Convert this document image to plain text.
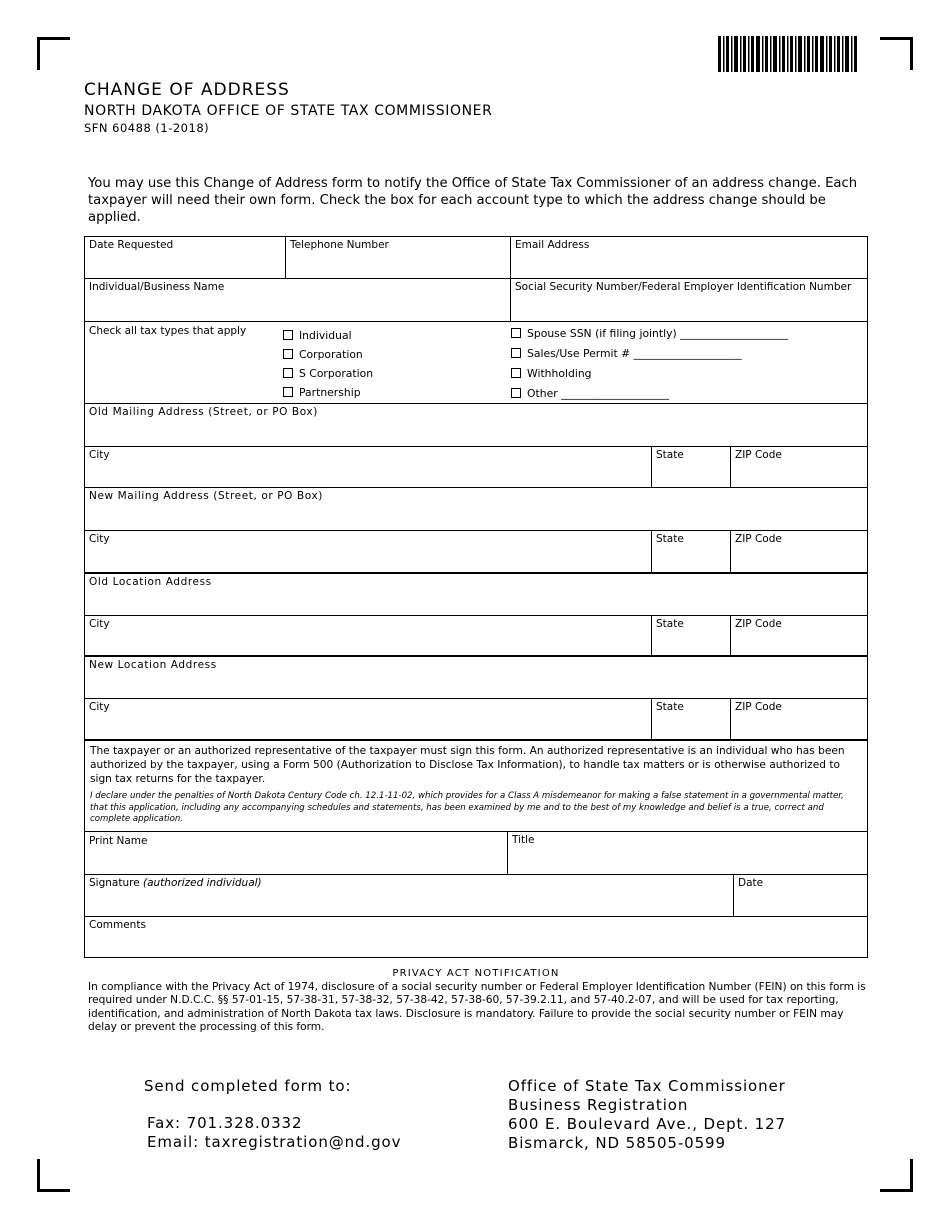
CHANGE OF ADDRESS
NORTH DAKOTA OFFICE OF STATE TAX COMMISSIONER
SFN 60488 (1-2018)
You may use this Change of Address form to notify the Office of State Tax Commissioner of an address change. Each taxpayer will need their own form. Check the box for each account type to which the address change should be applied.
Date Requested	Telephone Number	Email Address
Individual/Business Name	Social Security Number/Federal Employer Identification Number
Check all tax types that apply	Individual
Corporation
S Corporation
Partnership
Spouse SSN (if filing jointly) ____________________
Sales/Use Permit # ____________________
Withholding
Other ____________________
Old Mailing Address (Street, or PO Box)
City	State	ZIP Code
New Mailing Address (Street, or PO Box)
City	State	ZIP Code
Old Location Address
City	State	ZIP Code
New Location Address
City	State	ZIP Code
The taxpayer or an authorized representative of the taxpayer must sign this form. An authorized representative is an individual who has been authorized by the taxpayer, using a Form 500 (Authorization to Disclose Tax Information), to handle tax matters or is otherwise authorized to sign tax returns for the taxpayer.
I declare under the penalties of North Dakota Century Code ch. 12.1-11-02, which provides for a Class A misdemeanor for making a false statement in a governmental matter, that this application, including any accompanying schedules and statements, has been examined by me and to the best of my knowledge and belief is a true, correct and complete application.
Print Name	Title
Signature (authorized individual)	Date
Comments
PRIVACY ACT NOTIFICATION
In compliance with the Privacy Act of 1974, disclosure of a social security number or Federal Employer Identification Number (FEIN) on this form is required under N.D.C.C. §§ 57-01-15, 57-38-31, 57-38-32, 57-38-42, 57-38-60, 57-39.2.11, and 57-40.2-07, and will be used for tax reporting, identification, and administration of North Dakota tax laws. Disclosure is mandatory. Failure to provide the social security number or FEIN may delay or prevent the processing of this form.
Send completed form to:
Fax: 701.328.0332
Email: taxregistration@nd.gov
Office of State Tax Commissioner
Business Registration
600 E. Boulevard Ave., Dept. 127
Bismarck, ND 58505-0599
